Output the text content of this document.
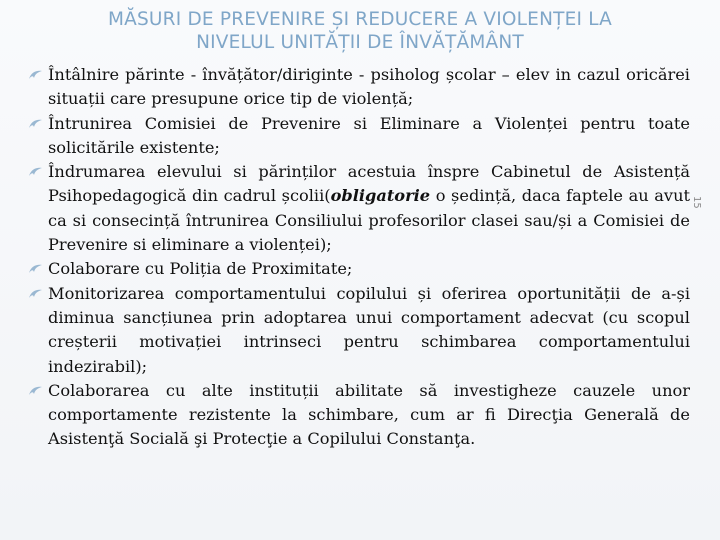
MĂSURI DE PREVENIRE ȘI REDUCERE A VIOLENȚEI LA
NIVELUL UNITĂȚII DE ÎNVĂȚĂMÂNT
Întâlnire părinte - învățător/diriginte - psiholog școlar – elev in cazul oricărei situații care presupune orice tip de violență;
Întrunirea Comisiei de Prevenire si Eliminare a Violenței pentru toate solicitările existente;
Îndrumarea elevului si părinților acestuia înspre Cabinetul de Asistență Psihopedagogică din cadrul școlii(obligatorie o ședință, daca faptele au avut ca si consecință întrunirea Consiliului profesorilor clasei sau/și a Comisiei de Prevenire si eliminare a violenței);
Colaborare cu Poliția de Proximitate;
Monitorizarea comportamentului copilului și oferirea oportunității de a-și diminua sancțiunea prin adoptarea unui comportament adecvat (cu scopul creșterii motivației intrinseci pentru schimbarea comportamentului indezirabil);
Colaborarea cu alte instituții abilitate să investigheze cauzele unor comportamente rezistente la schimbare, cum ar fi Direcţia Generală de Asistenţă Socială şi Protecţie a Copilului Constanţa.
15
